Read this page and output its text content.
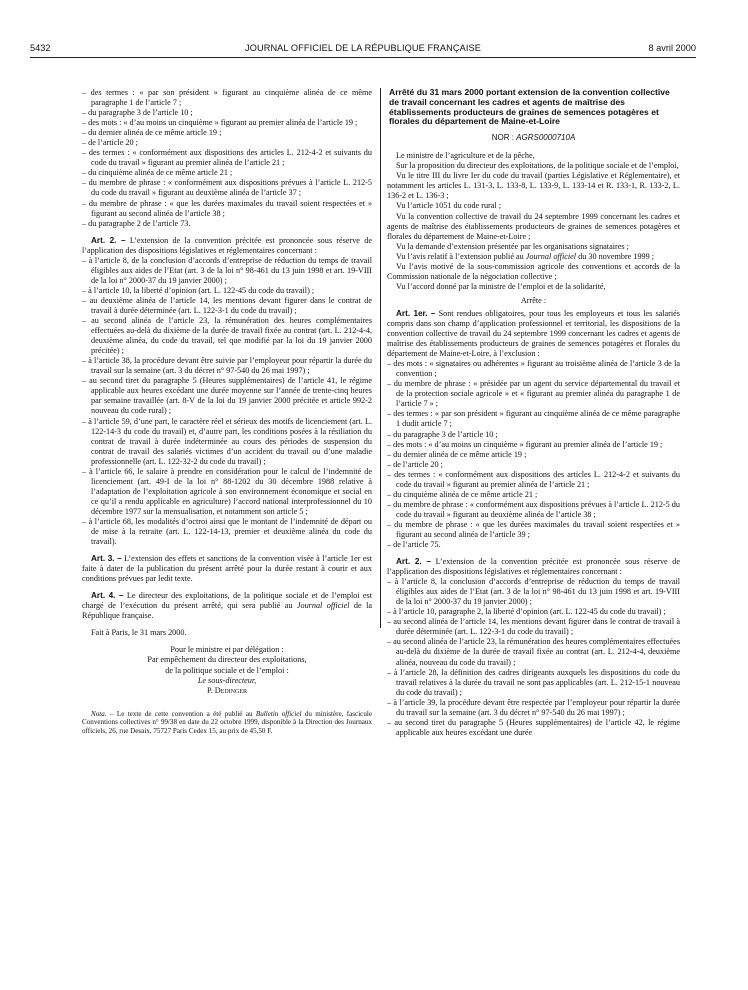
5432	JOURNAL OFFICIEL DE LA RÉPUBLIQUE FRANÇAISE	8 avril 2000

– des termes : « par son président » figurant au cinquième alinéa de ce même paragraphe 1 de l’article 7 ;

– du paragraphe 3 de l’article 10 ;

– des mots : « d’au moins un cinquième » figurant au premier alinéa de l’article 19 ;

– du dernier alinéa de ce même article 19 ;

– de l’article 20 ;

– des termes : « conformément aux dispositions des articles L. 212-4-2 et suivants du code du travail » figurant au premier alinéa de l’article 21 ;

– du cinquième alinéa de ce même article 21 ;

– du membre de phrase : « conformément aux dispositions prévues à l’article L. 212-5 du code du travail » figurant au deuxième alinéa de l’article 37 ;

– du membre de phrase : « que les durées maximales du travail soient respectées et » figurant au second alinéa de l’article 38 ;

– du paragraphe 2 de l’article 73.

Art. 2. – L’extension de la convention précitée est prononcée sous réserve de l’application des dispositions législatives et réglementaires concernant :

– à l’article 8, de la conclusion d’accords d’entreprise de réduction du temps de travail éligibles aux aides de l’Etat (art. 3 de la loi n° 98-461 du 13 juin 1998 et art. 19-VIII de la loi n° 2000-37 du 19 janvier 2000) ;

– à l’article 10, la liberté d’opinion (art. L. 122-45 du code du travail) ;

– au deuxième alinéa de l’article 14, les mentions devant figurer dans le contrat de travail à durée déterminée (art. L. 122-3-1 du code du travail) ;

– au second alinéa de l’article 23, la rémunération des heures complémentaires effectuées au-delà du dixième de la durée de travail fixée au contrat (art. L. 212-4-4, deuxième alinéa, du code du travail, tel que modifié par la loi du 19 janvier 2000 précitée) ;

– à l’article 38, la procédure devant être suivie par l’employeur pour répartir la durée du travail sur la semaine (art. 3 du décret n° 97-540 du 26 mai 1997) ;

– au second tiret du paragraphe 5 (Heures supplémentaires) de l’article 41, le régime applicable aux heures excédant une durée moyenne sur l’année de trente-cinq heures par semaine travaillée (art. 8-V de la loi du 19 janvier 2000 précitée et article 992-2 nouveau du code rural) ;

– à l’article 59, d’une part, le caractère réel et sérieux des motifs de licenciement (art. L. 122-14-3 du code du travail) et, d’autre part, les conditions posées à la résiliation du contrat de travail à durée indéterminée au cours des périodes de suspension du contrat de travail des salariés victimes d’un accident du travail ou d’une maladie professionnelle (art. L. 122-32-2 du code du travail) ;

– à l’article 66, le salaire à prendre en considération pour le calcul de l’indemnité de licenciement (art. 49-I de la loi n° 88-1202 du 30 décembre 1988 relative à l’adaptation de l’exploitation agricole à son environnement économique et social en ce qu’il a rendu applicable en agriculture) l’accord national interprofessionnel du 10 décembre 1977 sur la mensualisation, et notamment son article 5 ;

– à l’article 68, les modalités d’octroi ainsi que le montant de l’indemnité de départ ou de mise à la retraite (art. L. 122-14-13, premier et deuxième alinéa du code du travail).

Art. 3. – L’extension des effets et sanctions de la convention visée à l’article 1er est faite à dater de la publication du présent arrêté pour la durée restant à courir et aux conditions prévues par ledit texte.

Art. 4. – Le directeur des exploitations, de la politique sociale et de l’emploi est chargé de l’exécution du présent arrêté, qui sera publié au Journal officiel de la République française.

Fait à Paris, le 31 mars 2000.

Pour le ministre et par délégation :

Par empêchement du directeur des exploitations,

de la politique sociale et de l’emploi :

Le sous-directeur,

P. Dedinger

Nota. – Le texte de cette convention a été publié au Bulletin officiel du ministère, fascicule Conventions collectives n° 99/38 en date du 22 octobre 1999, disponible à la Direction des Journaux officiels, 26, rue Desaix, 75727 Paris Cedex 15, au prix de 45,50 F.

Arrêté du 31 mars 2000 portant extension de la convention collective de travail concernant les cadres et agents de maîtrise des établissements producteurs de graines de semences potagères et florales du département de Maine-et-Loire

NOR : AGRS0000710A

Le ministre de l’agriculture et de la pêche,

Sur la proposition du directeur des exploitations, de la politique sociale et de l’emploi,

Vu le titre III du livre Ier du code du travail (parties Législative et Réglementaire), et notamment les articles L. 131-3, L. 133-8, L. 133-9, L. 133-14 et R. 133-1, R. 133-2, L. 136-2 et L. 136-3 ;

Vu l’article 1051 du code rural ;

Vu la convention collective de travail du 24 septembre 1999 concernant les cadres et agents de maîtrise des établissements producteurs de graines de semences potagères et florales du département de Maine-et-Loire ;

Vu la demande d’extension présentée par les organisations signataires ;

Vu l’avis relatif à l’extension publié au Journal officiel du 30 novembre 1999 ;

Vu l’avis motivé de la sous-commission agricole des conventions et accords de la Commission nationale de la négociation collective ;

Vu l’accord donné par la ministre de l’emploi et de la solidarité,

Arrête :

Art. 1er. – Sont rendues obligatoires, pour tous les employeurs et tous les salariés compris dans son champ d’application professionnel et territorial, les dispositions de la convention collective de travail du 24 septembre 1999 concernant les cadres et agents de maîtrise des établissements producteurs de graines de semences potagères et florales du département de Maine-et-Loire, à l’exclusion :

– des mots : « signataires ou adhérentes » figurant au troisième alinéa de l’article 3 de la convention ;

– du membre de phrase : « présidée par un agent du service départemental du travail et de la protection sociale agricole » et « figurant au premier alinéa du paragraphe 1 de l’article 7 » ;

– des termes : « par son président » figurant au cinquième alinéa de ce même paragraphe 1 dudit article 7 ;

– du paragraphe 3 de l’article 10 ;

– des mots : « d’au moins un cinquième » figurant au premier alinéa de l’article 19 ;

– du dernier alinéa de ce même article 19 ;

– de l’article 20 ;

– des termes : « conformément aux dispositions des articles L. 212-4-2 et suivants du code du travail » figurant au premier alinéa de l’article 21 ;

– du cinquième alinéa de ce même article 21 ;

– du membre de phrase : « conformément aux dispositions prévues à l’article L. 212-5 du code du travail » figurant au deuxième alinéa de l’article 38 ;

– du membre de phrase : « que les durées maximales du travail soient respectées et » figurant au second alinéa de l’article 39 ;

– de l’article 75.

Art. 2. – L’extension de la convention précitée est prononcée sous réserve de l’application des dispositions législatives et réglementaires concernant :

– à l’article 8, la conclusion d’accords d’entreprise de réduction du temps de travail éligibles aux aides de l’Etat (art. 3 de la loi n° 98-461 du 13 juin 1998 et art. 19-VIII de la loi n° 2000-37 du 19 janvier 2000) ;

– à l’article 10, paragraphe 2, la liberté d’opinion (art. L. 122-45 du code du travail) ;

– au second alinéa de l’article 14, les mentions devant figurer dans le contrat de travail à durée déterminée (art. L. 122-3-1 du code du travail) ;

– au second alinéa de l’article 23, la rémunération des heures complémentaires effectuées au-delà du dixième de la durée de travail fixée au contrat (art. L. 212-4-4, deuxième alinéa, nouveau du code du travail) ;

– à l’article 28, la définition des cadres dirigeants auxquels les dispositions du code du travail relatives à la durée du travail ne sont pas applicables (art. L. 212-15-1 nouveau du code du travail) ;

– à l’article 39, la procédure devant être respectée par l’employeur pour répartir la durée du travail sur la semaine (art. 3 du décret n° 97-540 du 26 mai 1997) ;

– au second tiret du paragraphe 5 (Heures supplémentaires) de l’article 42, le régime applicable aux heures excédant une durée
